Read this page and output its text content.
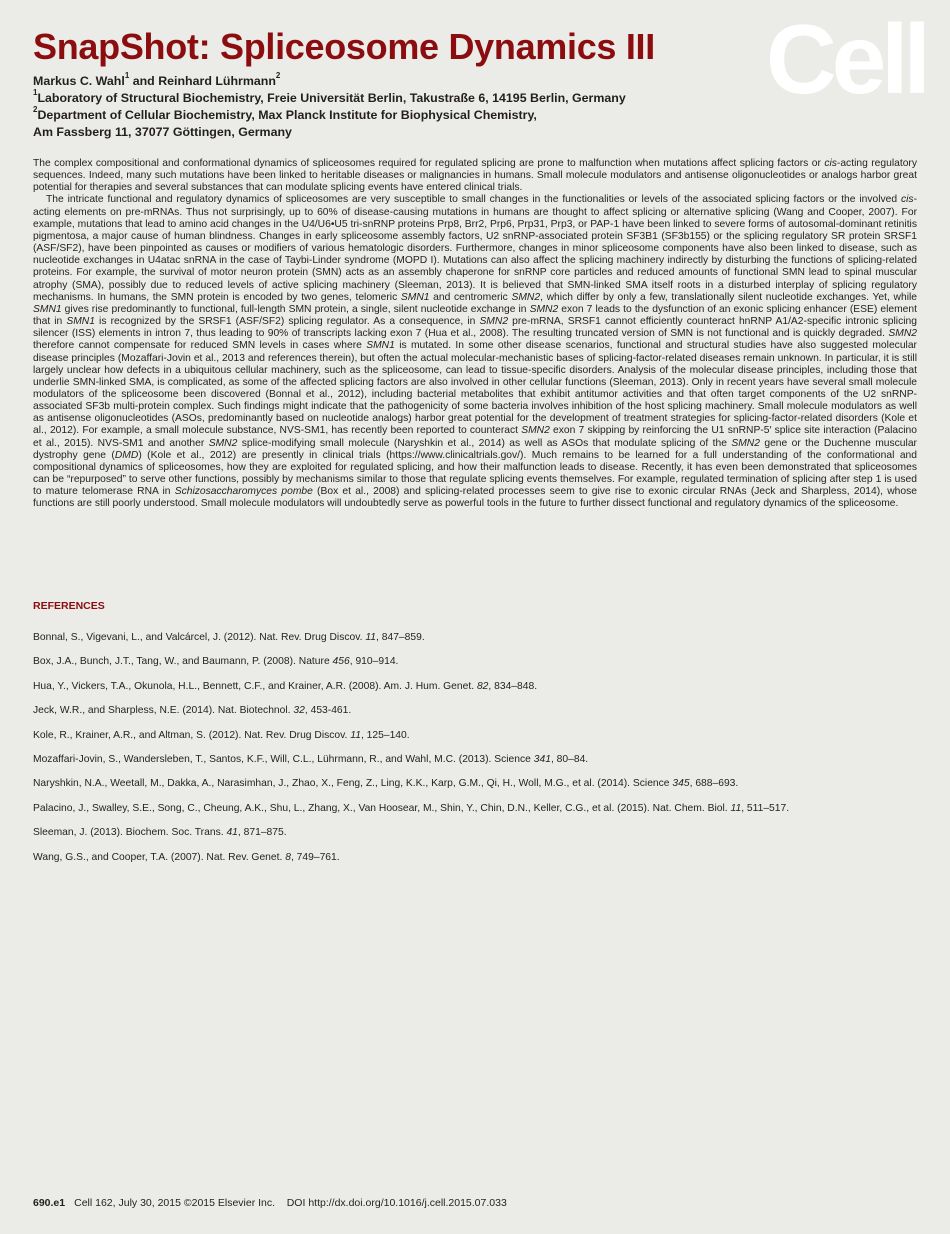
SnapShot: Spliceosome Dynamics III Cell
Markus C. Wahl$^1$ and Reinhard Lührmann$^2$
$^1$Laboratory of Structural Biochemistry, Freie Universität Berlin, Takustraße 6, 14195 Berlin, Germany
$^2$Department of Cellular Biochemistry, Max Planck Institute for Biophysical Chemistry,
Am Fassberg 11, 37077 Göttingen, Germany

The complex compositional and conformational dynamics of spliceosomes required for regulated splicing are prone to malfunction when mutations affect splicing factors or cis-acting regulatory sequences. Indeed, many such mutations have been linked to heritable diseases or malignancies in humans. Small molecule modulators and antisense oligonucleotides or analogs harbor great potential for therapies and several substances that can modulate splicing events have entered clinical trials.

The intricate functional and regulatory dynamics of spliceosomes are very susceptible to small changes in the functionalities or levels of the associated splicing factors or the involved cis-acting elements on pre-mRNAs. Thus not surprisingly, up to 60% of disease-causing mutations in humans are thought to affect splicing or alternative splicing (Wang and Cooper, 2007). For example, mutations that lead to amino acid changes in the U4/U6•U5 tri-snRNP proteins Prp8, Brr2, Prp6, Prp31, Prp3, or PAP-1 have been linked to severe forms of autosomal-dominant retinitis pigmentosa, a major cause of human blindness. Changes in early spliceosome assembly factors, U2 snRNP-associated protein SF3B1 (SF3b155) or the splicing regulatory SR protein SRSF1 (ASF/SF2), have been pinpointed as causes or modifiers of various hematologic disorders. Furthermore, changes in minor spliceosome components have also been linked to disease, such as nucleotide exchanges in U4atac snRNA in the case of Taybi-Linder syndrome (MOPD I). Mutations can also affect the splicing machinery indirectly by disturbing the functions of splicing-related proteins. For example, the survival of motor neuron protein (SMN) acts as an assembly chaperone for snRNP core particles and reduced amounts of functional SMN lead to spinal muscular atrophy (SMA), possibly due to reduced levels of active splicing machinery (Sleeman, 2013). It is believed that SMN-linked SMA itself roots in a disturbed interplay of splicing regulatory mechanisms. In humans, the SMN protein is encoded by two genes, telomeric SMN1 and centromeric SMN2, which differ by only a few, translationally silent nucleotide exchanges. Yet, while SMN1 gives rise predominantly to functional, full-length SMN protein, a single, silent nucleotide exchange in SMN2 exon 7 leads to the dysfunction of an exonic splicing enhancer (ESE) element that in SMN1 is recognized by the SRSF1 (ASF/SF2) splicing regulator. As a consequence, in SMN2 pre-mRNA, SRSF1 cannot efficiently counteract hnRNP A1/A2-specific intronic splicing silencer (ISS) elements in intron 7, thus leading to 90% of transcripts lacking exon 7 (Hua et al., 2008). The resulting truncated version of SMN is not functional and is quickly degraded. SMN2 therefore cannot compensate for reduced SMN levels in cases where SMN1 is mutated. In some other disease scenarios, functional and structural studies have also suggested molecular disease principles (Mozaffari-Jovin et al., 2013 and references therein), but often the actual molecular-mechanistic bases of splicing-factor-related diseases remain unknown. In particular, it is still largely unclear how defects in a ubiquitous cellular machinery, such as the spliceosome, can lead to tissue-specific disorders. Analysis of the molecular disease principles, including those that underlie SMN-linked SMA, is complicated, as some of the affected splicing factors are also involved in other cellular functions (Sleeman, 2013). Only in recent years have several small molecule modulators of the spliceosome been discovered (Bonnal et al., 2012), including bacterial metabolites that exhibit antitumor activities and that often target components of the U2 snRNP-associated SF3b multi-protein complex. Such findings might indicate that the pathogenicity of some bacteria involves inhibition of the host splicing machinery. Small molecule modulators as well as antisense oligonucleotides (ASOs, predominantly based on nucleotide analogs) harbor great potential for the development of treatment strategies for splicing-factor-related disorders (Kole et al., 2012). For example, a small molecule substance, NVS-SM1, has recently been reported to counteract SMN2 exon 7 skipping by reinforcing the U1 snRNP-5′ splice site interaction (Palacino et al., 2015). NVS-SM1 and another SMN2 splice-modifying small molecule (Naryshkin et al., 2014) as well as ASOs that modulate splicing of the SMN2 gene or the Duchenne muscular dystrophy gene (DMD) (Kole et al., 2012) are presently in clinical trials (https://www.clinicaltrials.gov/). Much remains to be learned for a full understanding of the conformational and compositional dynamics of spliceosomes, how they are exploited for regulated splicing, and how their malfunction leads to disease. Recently, it has even been demonstrated that spliceosomes can be “repurposed” to serve other functions, possibly by mechanisms similar to those that regulate splicing events themselves. For example, regulated termination of splicing after step 1 is used to mature telomerase RNA in Schizosaccharomyces pombe (Box et al., 2008) and splicing-related processes seem to give rise to exonic circular RNAs (Jeck and Sharpless, 2014), whose functions are still poorly understood. Small molecule modulators will undoubtedly serve as powerful tools in the future to further dissect functional and regulatory dynamics of the spliceosome.

REFERENCES
Bonnal, S., Vigevani, L., and Valcárcel, J. (2012). Nat. Rev. Drug Discov. 11, 847–859.
Box, J.A., Bunch, J.T., Tang, W., and Baumann, P. (2008). Nature 456, 910–914.
Hua, Y., Vickers, T.A., Okunola, H.L., Bennett, C.F., and Krainer, A.R. (2008). Am. J. Hum. Genet. 82, 834–848.
Jeck, W.R., and Sharpless, N.E. (2014). Nat. Biotechnol. 32, 453-461.
Kole, R., Krainer, A.R., and Altman, S. (2012). Nat. Rev. Drug Discov. 11, 125–140.
Mozaffari-Jovin, S., Wandersleben, T., Santos, K.F., Will, C.L., Lührmann, R., and Wahl, M.C. (2013). Science 341, 80–84.
Naryshkin, N.A., Weetall, M., Dakka, A., Narasimhan, J., Zhao, X., Feng, Z., Ling, K.K., Karp, G.M., Qi, H., Woll, M.G., et al. (2014). Science 345, 688–693.
Palacino, J., Swalley, S.E., Song, C., Cheung, A.K., Shu, L., Zhang, X., Van Hoosear, M., Shin, Y., Chin, D.N., Keller, C.G., et al. (2015). Nat. Chem. Biol. 11, 511–517.
Sleeman, J. (2013). Biochem. Soc. Trans. 41, 871–875.
Wang, G.S., and Cooper, T.A. (2007). Nat. Rev. Genet. 8, 749–761.
690.e1 Cell 162, July 30, 2015 ©2015 Elsevier Inc.    DOI http://dx.doi.org/10.1016/j.cell.2015.07.033
